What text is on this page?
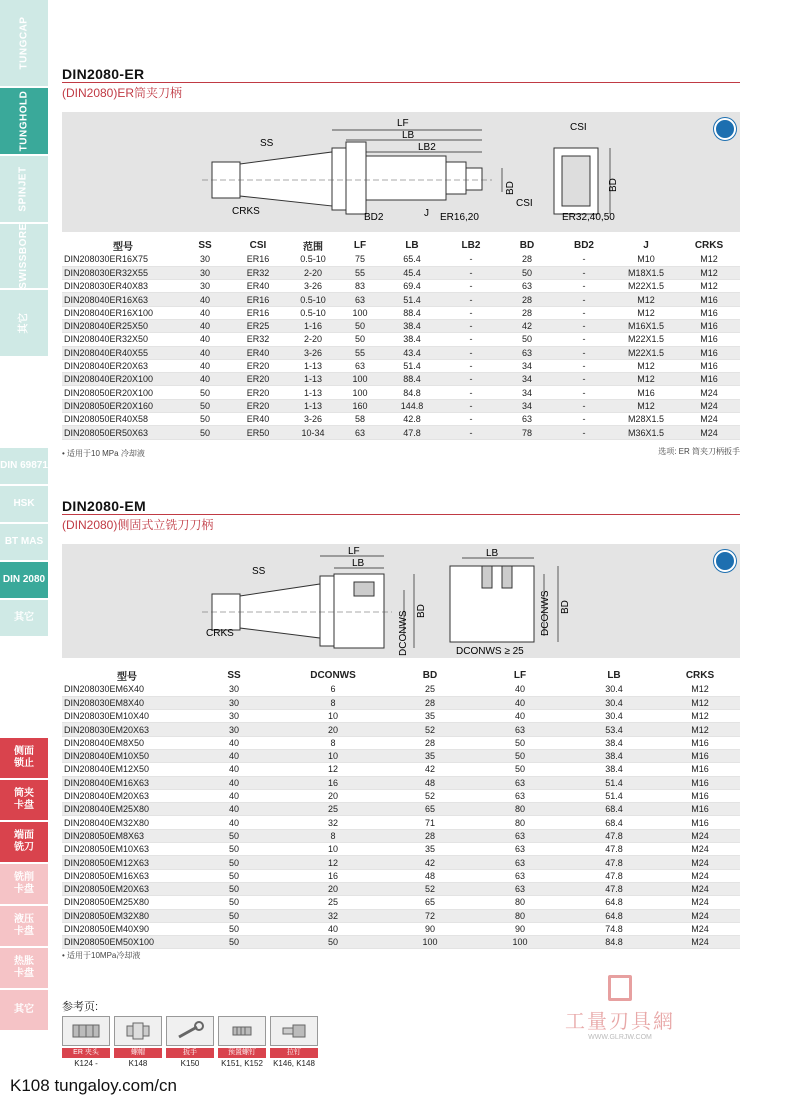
TUNGCAP
TUNGHOLD
SPINJET
SWISSBORE
其它
DIN 69871
HSK
BT MAS
DIN 2080
其它
侧面锁止
筒夹卡盘
端面铣刀
铣削卡盘
液压卡盘
热胀卡盘
其它
DIN2080-ER
(DIN2080)ER筒夹刀柄
LF
LB
LB2
SS
BD
CSI
CRKS
BD2	J ER16,20
CSI
BD
ER32,40,50
型号	SS	CSI	范围	LF	LB	LB2	BD	BD2	J	CRKS
DIN208030ER16X75	30	ER16	0.5-10	75	65.4	-	28	-	M10	M12
DIN208030ER32X55	30	ER32	2-20	55	45.4	-	50	-	M18X1.5	M12
DIN208030ER40X83	30	ER40	3-26	83	69.4	-	63	-	M22X1.5	M12
DIN208040ER16X63	40	ER16	0.5-10	63	51.4	-	28	-	M12	M16
DIN208040ER16X100	40	ER16	0.5-10	100	88.4	-	28	-	M12	M16
DIN208040ER25X50	40	ER25	1-16	50	38.4	-	42	-	M16X1.5	M16
DIN208040ER32X50	40	ER32	2-20	50	38.4	-	50	-	M22X1.5	M16
DIN208040ER40X55	40	ER40	3-26	55	43.4	-	63	-	M22X1.5	M16
DIN208040ER20X63	40	ER20	1-13	63	51.4	-	34	-	M12	M16
DIN208040ER20X100	40	ER20	1-13	100	88.4	-	34	-	M12	M16
DIN208050ER20X100	50	ER20	1-13	100	84.8	-	34	-	M16	M24
DIN208050ER20X160	50	ER20	1-13	160	144.8	-	34	-	M12	M24
DIN208050ER40X58	50	ER40	3-26	58	42.8	-	63	-	M28X1.5	M24
DIN208050ER50X63	50	ER50	10-34	63	47.8	-	78	-	M36X1.5	M24
• 适用于10 MPa 冷却液	选项: ER 筒夹刀柄扳手
DIN2080-EM
(DIN2080)侧固式立铣刀刀柄
LF
LB
SS
BD
DCONWS
CRKS
LB
DCONWS BD
DCONWS ≥ 25
型号	SS	DCONWS	BD	LF	LB	CRKS
DIN208030EM6X40	30	6	25	40	30.4	M12
DIN208030EM8X40	30	8	28	40	30.4	M12
DIN208030EM10X40	30	10	35	40	30.4	M12
DIN208030EM20X63	30	20	52	63	53.4	M12
DIN208040EM8X50	40	8	28	50	38.4	M16
DIN208040EM10X50	40	10	35	50	38.4	M16
DIN208040EM12X50	40	12	42	50	38.4	M16
DIN208040EM16X63	40	16	48	63	51.4	M16
DIN208040EM20X63	40	20	52	63	51.4	M16
DIN208040EM25X80	40	25	65	80	68.4	M16
DIN208040EM32X80	40	32	71	80	68.4	M16
DIN208050EM8X63	50	8	28	63	47.8	M24
DIN208050EM10X63	50	10	35	63	47.8	M24
DIN208050EM12X63	50	12	42	63	47.8	M24
DIN208050EM16X63	50	16	48	63	47.8	M24
DIN208050EM20X63	50	20	52	63	47.8	M24
DIN208050EM25X80	50	25	65	80	64.8	M24
DIN208050EM32X80	50	32	72	80	64.8	M24
DIN208050EM40X90	50	40	90	90	74.8	M24
DIN208050EM50X100	50	50	100	100	84.8	M24
• 适用于10MPa冷却液
工量刃具網
WWW.GLRJW.COM
参考页:
ER 夹头
K124 -
螺帽
K148
扳手
K150
预置螺钉
K151, K152
拉钉
K146, K148
K108 tungaloy.com/cn
